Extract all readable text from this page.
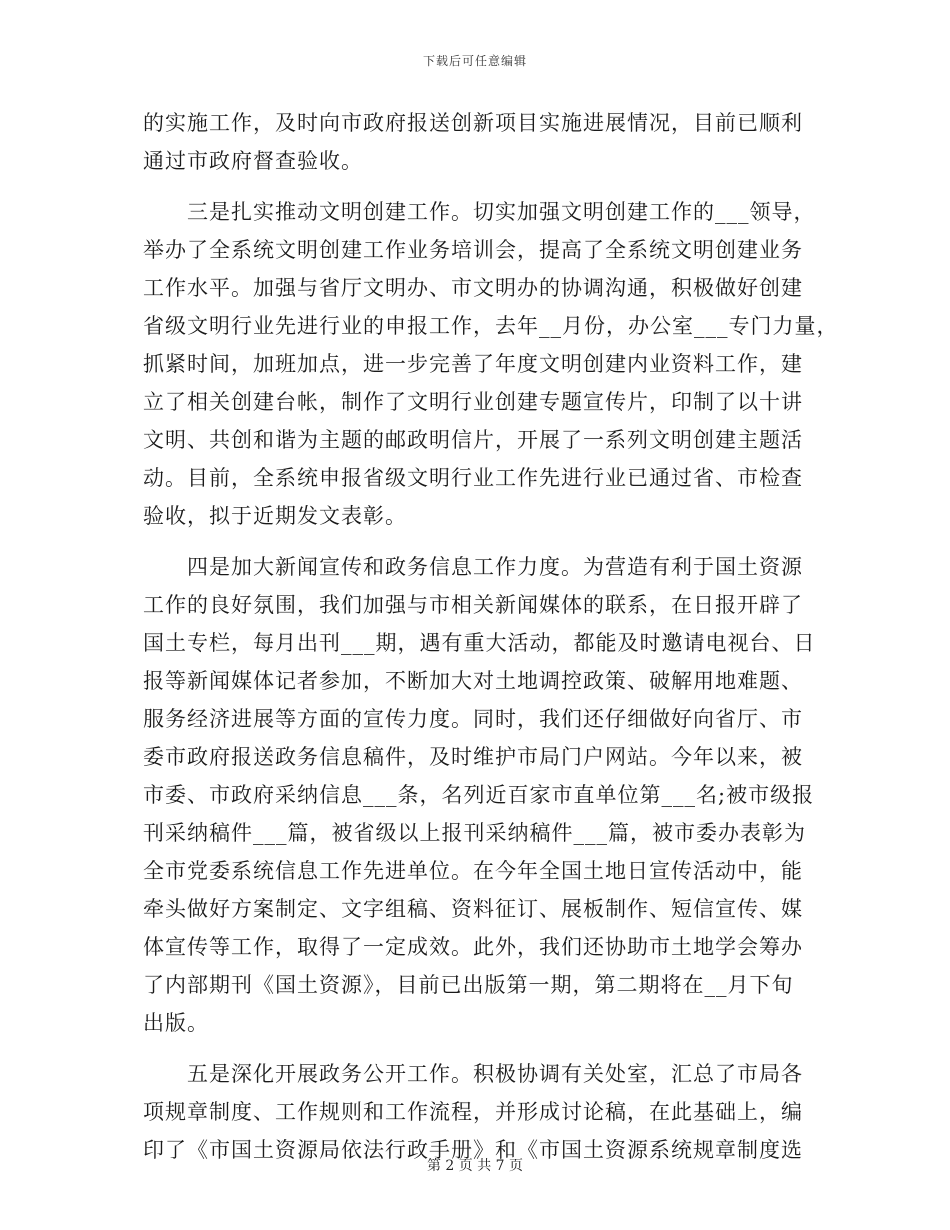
下载后可任意编辑
的实施工作，及时向市政府报送创新项目实施进展情况，目前已顺利
通过市政府督查验收。
　　三是扎实推动文明创建工作。切实加强文明创建工作的___领导，
举办了全系统文明创建工作业务培训会，提高了全系统文明创建业务
工作水平。加强与省厅文明办、市文明办的协调沟通，积极做好创建
省级文明行业先进行业的申报工作，去年__月份，办公室___专门力量，
抓紧时间，加班加点，进一步完善了年度文明创建内业资料工作，建
立了相关创建台帐，制作了文明行业创建专题宣传片，印制了以十讲
文明、共创和谐为主题的邮政明信片，开展了一系列文明创建主题活
动。目前，全系统申报省级文明行业工作先进行业已通过省、市检查
验收，拟于近期发文表彰。
　　四是加大新闻宣传和政务信息工作力度。为营造有利于国土资源
工作的良好氛围，我们加强与市相关新闻媒体的联系，在日报开辟了
国土专栏，每月出刊___期，遇有重大活动，都能及时邀请电视台、日
报等新闻媒体记者参加，不断加大对土地调控政策、破解用地难题、
服务经济进展等方面的宣传力度。同时，我们还仔细做好向省厅、市
委市政府报送政务信息稿件，及时维护市局门户网站。今年以来，被
市委、市政府采纳信息___条，名列近百家市直单位第___名;被市级报
刊采纳稿件___篇，被省级以上报刊采纳稿件___篇，被市委办表彰为
全市党委系统信息工作先进单位。在今年全国土地日宣传活动中，能
牵头做好方案制定、文字组稿、资料征订、展板制作、短信宣传、媒
体宣传等工作，取得了一定成效。此外，我们还协助市土地学会筹办
了内部期刊《国土资源》，目前已出版第一期，第二期将在__月下旬
出版。
　　五是深化开展政务公开工作。积极协调有关处室，汇总了市局各
项规章制度、工作规则和工作流程，并形成讨论稿，在此基础上，编
印了《市国土资源局依法行政手册》和《市国土资源系统规章制度选
第 2 页 共 7 页
